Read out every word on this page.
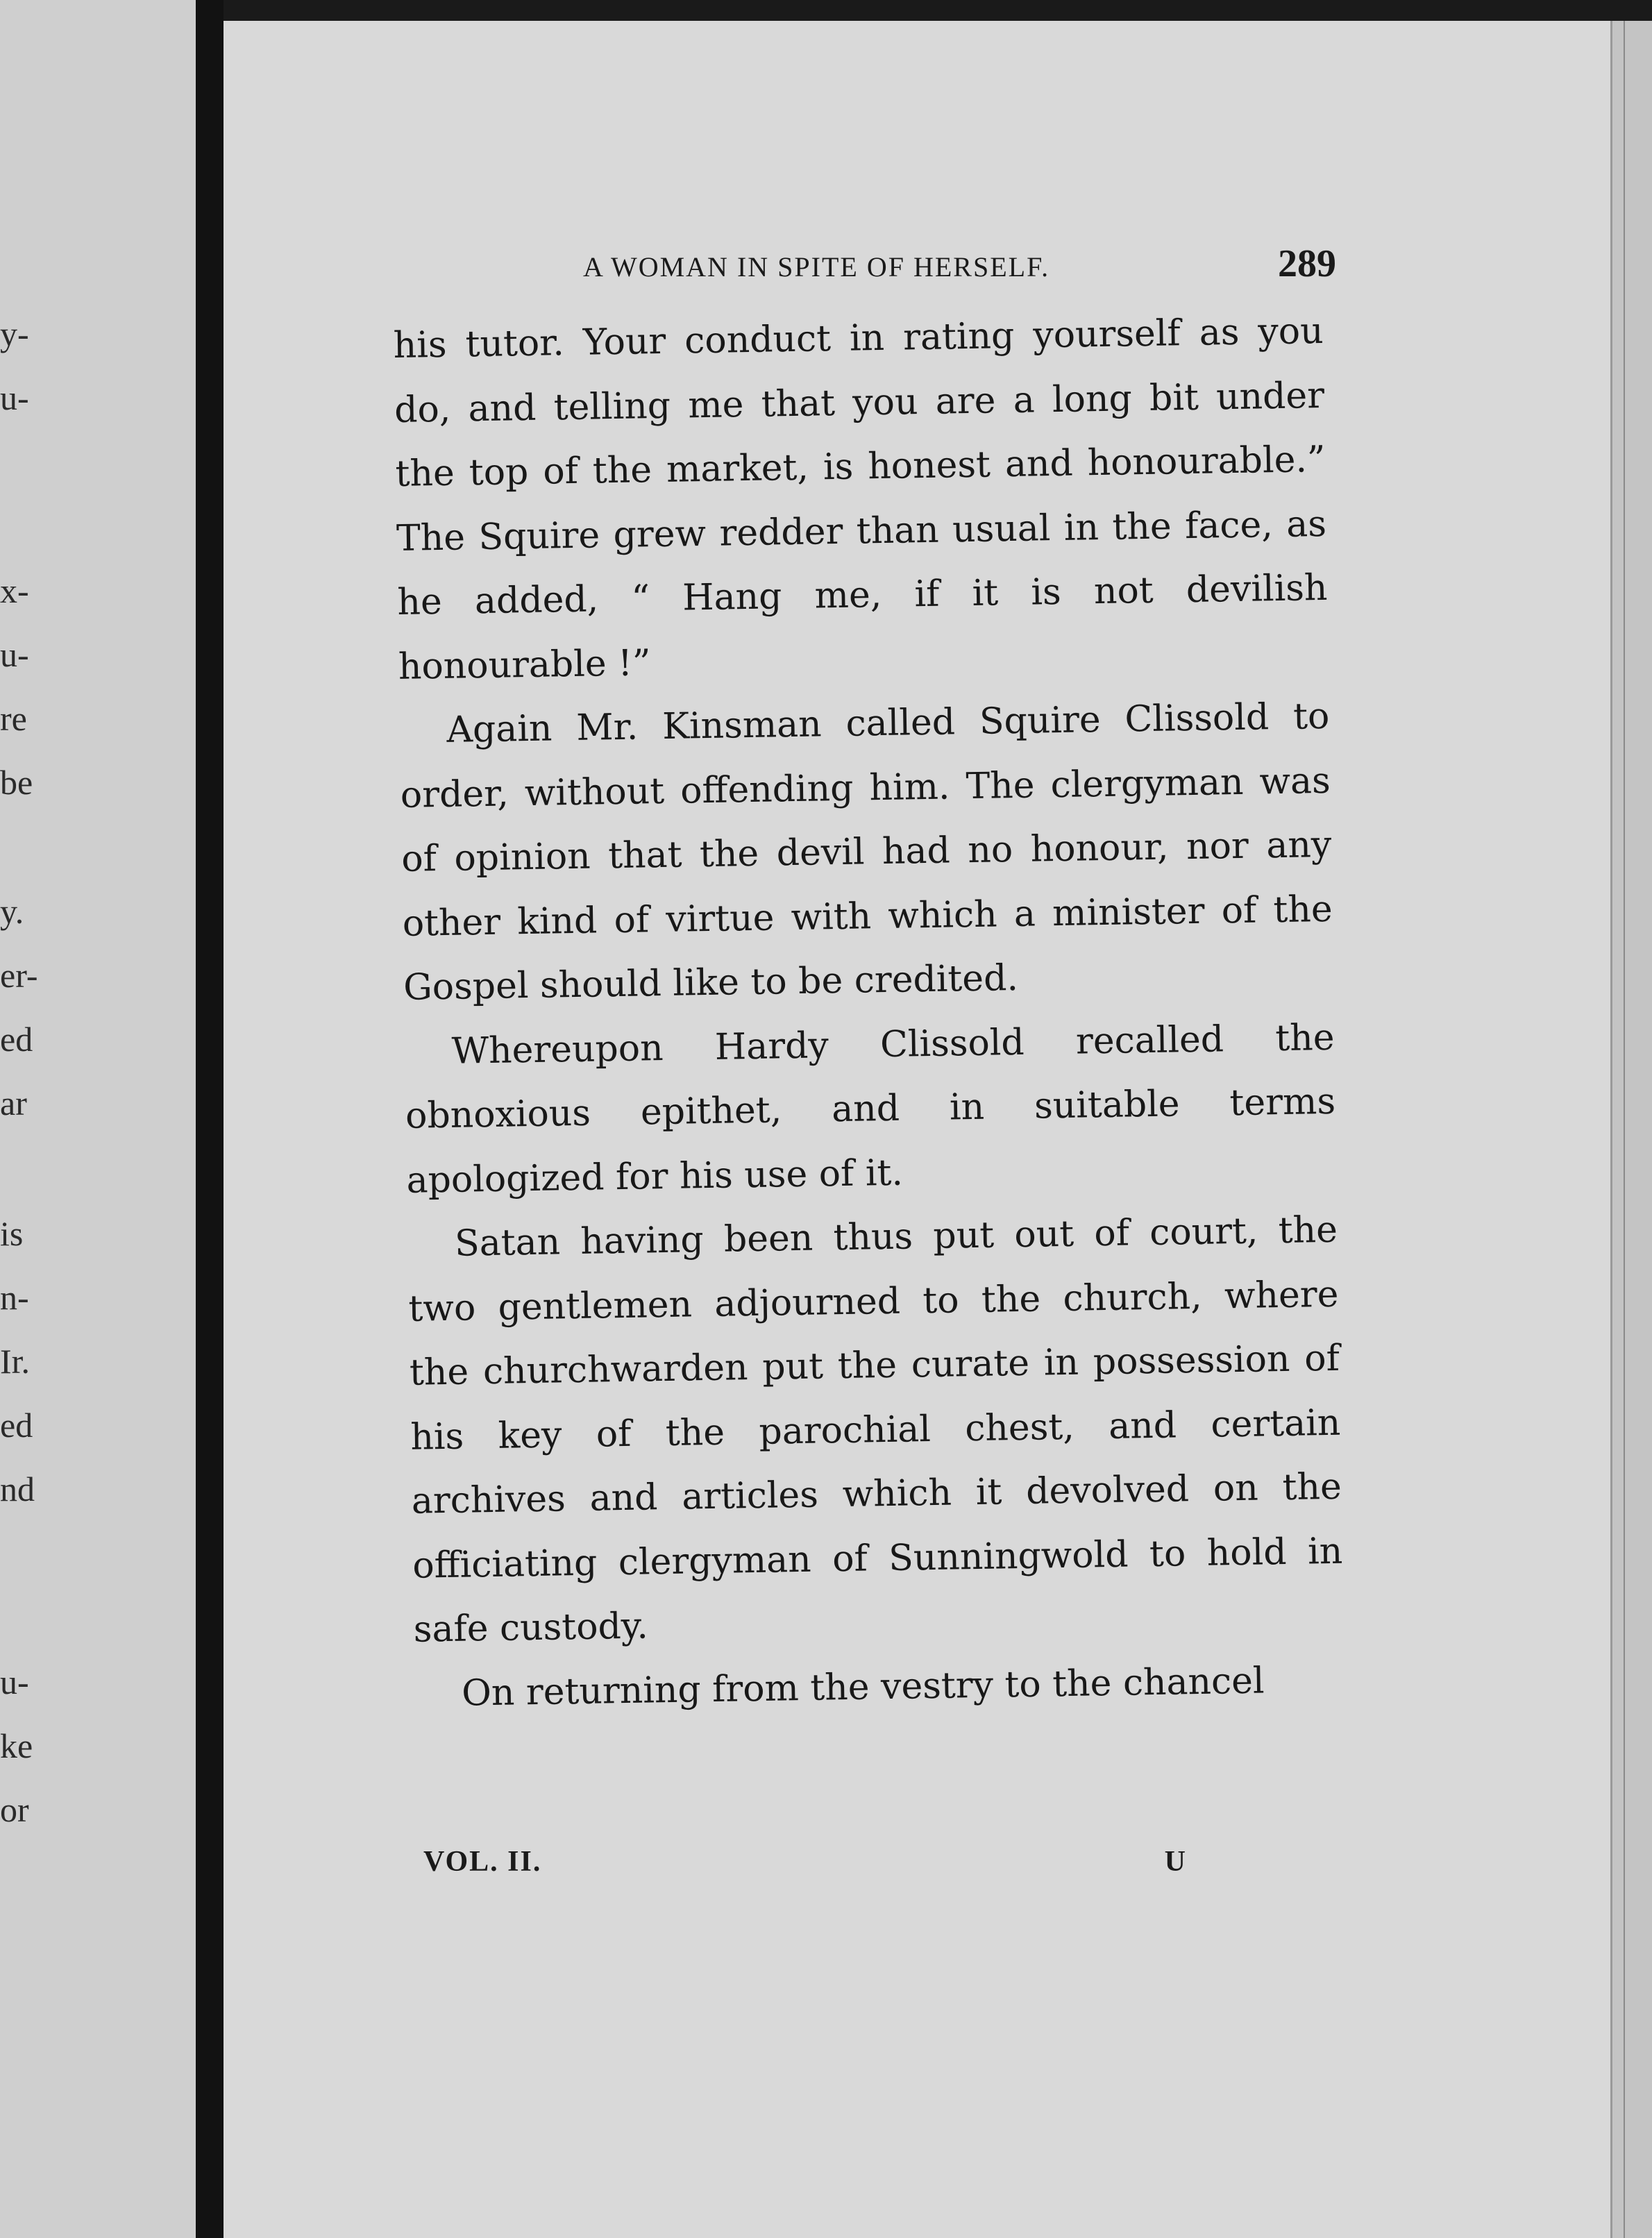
y-
u-
x-
u-
re
be
y.
er-
ed
ar
is
n-
Ir.
ed
nd
u-
ke
or
A WOMAN IN SPITE OF HERSELF.	289

his tutor. Your conduct in rating yourself as you do, and telling me that you are a long bit under the top of the market, is honest and honourable.” The Squire grew redder than usual in the face, as he added, “ Hang me, if it is not devilish honourable !”

Again Mr. Kinsman called Squire Clissold to order, without offending him. The clergyman was of opinion that the devil had no honour, nor any other kind of virtue with which a minister of the Gospel should like to be credited.

Whereupon Hardy Clissold recalled the obnoxious epithet, and in suitable terms apologized for his use of it.

Satan having been thus put out of court, the two gentlemen adjourned to the church, where the churchwarden put the curate in possession of his key of the parochial chest, and certain archives and articles which it devolved on the officiating clergyman of Sunningwold to hold in safe custody.

On returning from the vestry to the chancel

VOL. II.	U
